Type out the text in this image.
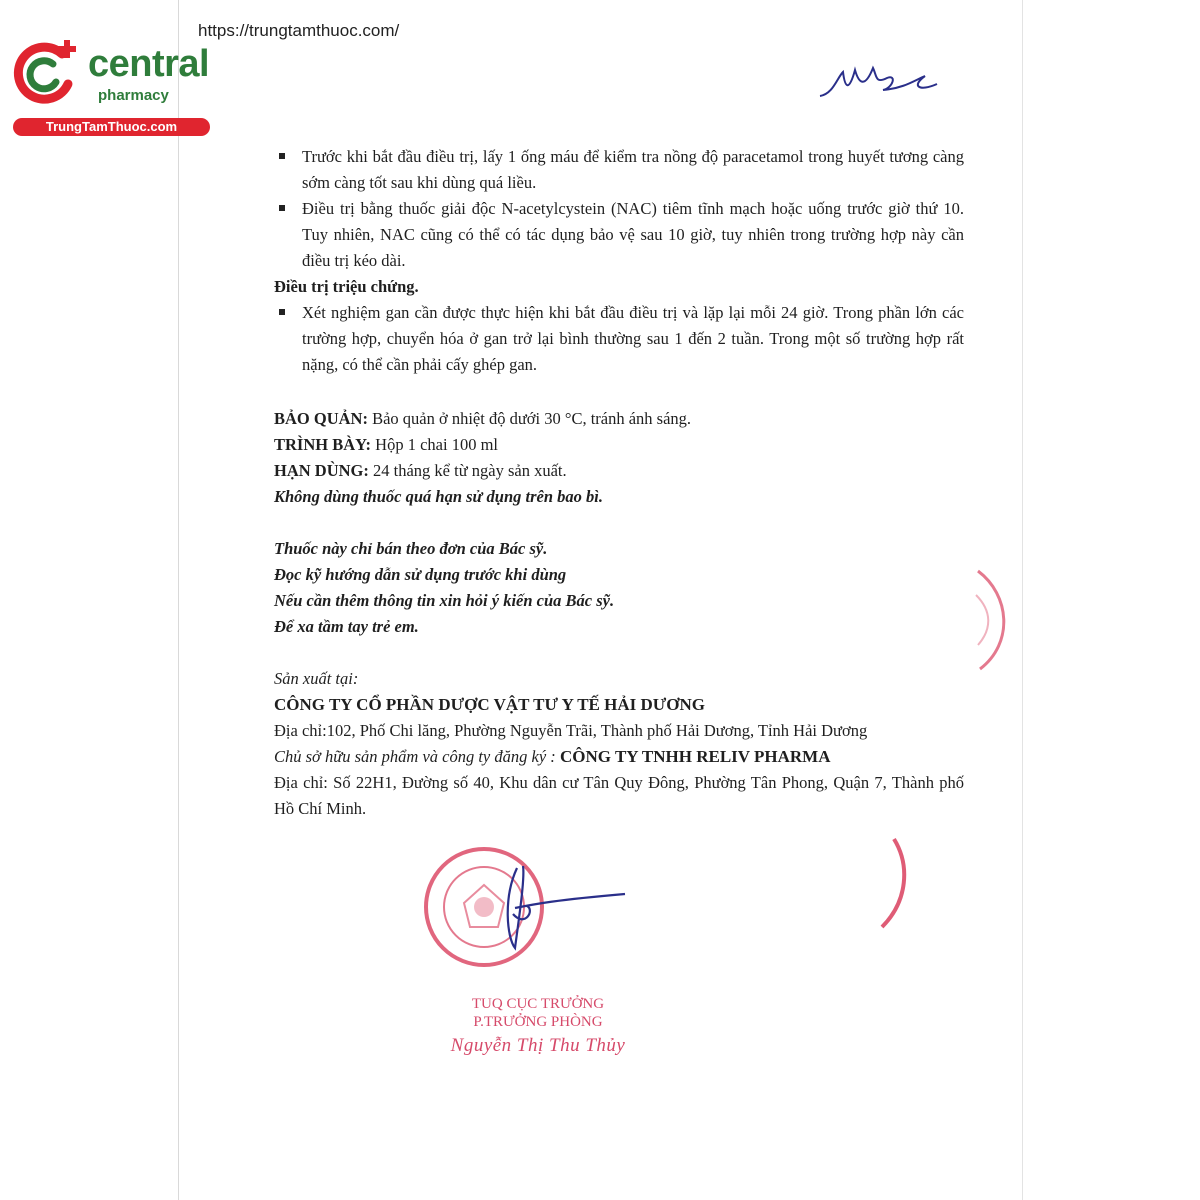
https://trungtamthuoc.com/
central
pharmacy
TrungTamThuoc.com
Trước khi bắt đầu điều trị, lấy 1 ống máu để kiểm tra nồng độ paracetamol trong huyết tương càng sớm càng tốt sau khi dùng quá liều.
Điều trị bằng thuốc giải độc N-acetylcystein (NAC) tiêm tĩnh mạch hoặc uống trước giờ thứ 10. Tuy nhiên, NAC cũng có thể có tác dụng bảo vệ sau 10 giờ, tuy nhiên trong trường hợp này cần điều trị kéo dài.
Điều trị triệu chứng.
Xét nghiệm gan cần được thực hiện khi bắt đầu điều trị và lặp lại mỗi 24 giờ. Trong phần lớn các trường hợp, chuyển hóa ở gan trở lại bình thường sau 1 đến 2 tuần. Trong một số trường hợp rất nặng, có thể cần phải cấy ghép gan.
BẢO QUẢN: Bảo quản ở nhiệt độ dưới 30 °C, tránh ánh sáng.
TRÌNH BÀY: Hộp 1 chai 100 ml
HẠN DÙNG: 24 tháng kể từ ngày sản xuất.
Không dùng thuốc quá hạn sử dụng trên bao bì.
Thuốc này chỉ bán theo đơn của Bác sỹ.
Đọc kỹ hướng dẫn sử dụng trước khi dùng
Nếu cần thêm thông tin xin hỏi ý kiến của Bác sỹ.
Để xa tầm tay trẻ em.
Sản xuất tại:
CÔNG TY CỔ PHẦN DƯỢC VẬT TƯ Y TẾ HẢI DƯƠNG
Địa chỉ:102, Phố Chi lăng, Phường Nguyễn Trãi, Thành phố Hải Dương, Tỉnh Hải Dương
Chủ sở hữu sản phẩm và công ty đăng ký : CÔNG TY TNHH RELIV PHARMA
Địa chỉ: Số 22H1, Đường số 40, Khu dân cư Tân Quy Đông, Phường Tân Phong, Quận 7, Thành phố Hồ Chí Minh.
TUQ CỤC TRƯỞNG
P.TRƯỞNG PHÒNG
Nguyễn Thị Thu Thủy
